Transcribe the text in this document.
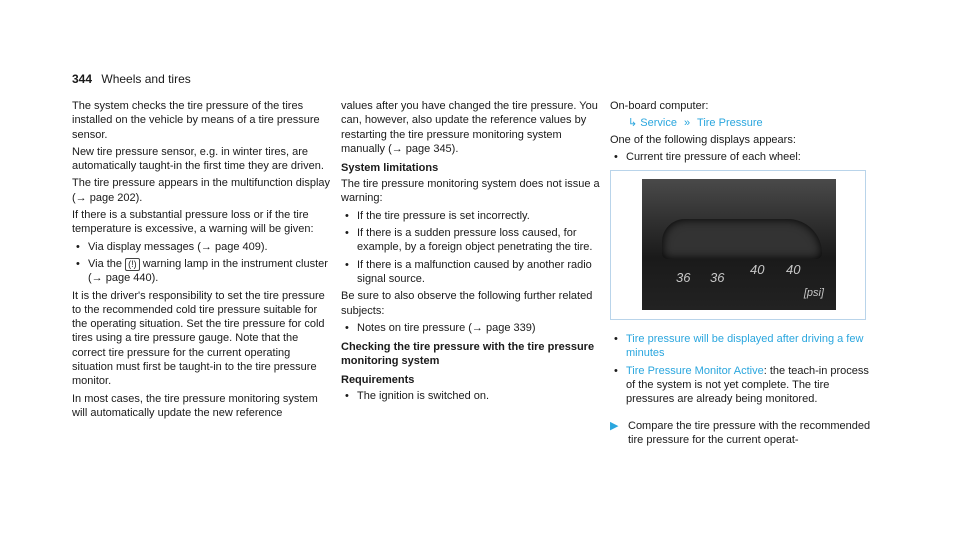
344 Wheels and tires

The system checks the tire pressure of the tires installed on the vehicle by means of a tire pressure sensor.

New tire pressure sensor, e.g. in winter tires, are automatically taught-in the first time they are driven.

The tire pressure appears in the multifunction display (→ page 202).

If there is a substantial pressure loss or if the tire temperature is excessive, a warning will be given:

• Via display messages (→ page 409).
• Via the (!) warning lamp in the instrument cluster (→ page 440).

It is the driver's responsibility to set the tire pressure to the recommended cold tire pressure suitable for the operating situation. Set the tire pressure for cold tires using a tire pressure gauge. Note that the correct tire pressure for the current operating situation must first be taught-in to the tire pressure monitor.

In most cases, the tire pressure monitoring system will automatically update the new reference

values after you have changed the tire pressure. You can, however, also update the reference values by restarting the tire pressure monitoring system manually (→ page 345).

System limitations

The tire pressure monitoring system does not issue a warning:

• If the tire pressure is set incorrectly.
• If there is a sudden pressure loss caused, for example, by a foreign object penetrating the tire.
• If there is a malfunction caused by another radio signal source.

Be sure to also observe the following further related subjects:

• Notes on tire pressure (→ page 339)
Checking the tire pressure with the tire pressure monitoring system
Requirements
• The ignition is switched on.

On-board computer:

↳ Service » Tire Pressure

One of the following displays appears:

• Current tire pressure of each wheel:
36 36
40 40
[psi]
• Tire pressure will be displayed after driving a few minutes
• Tire Pressure Monitor Active: the teach-in process of the system is not yet complete. The tire pressures are already being monitored.
▶ Compare the tire pressure with the recommended tire pressure for the current operat-
